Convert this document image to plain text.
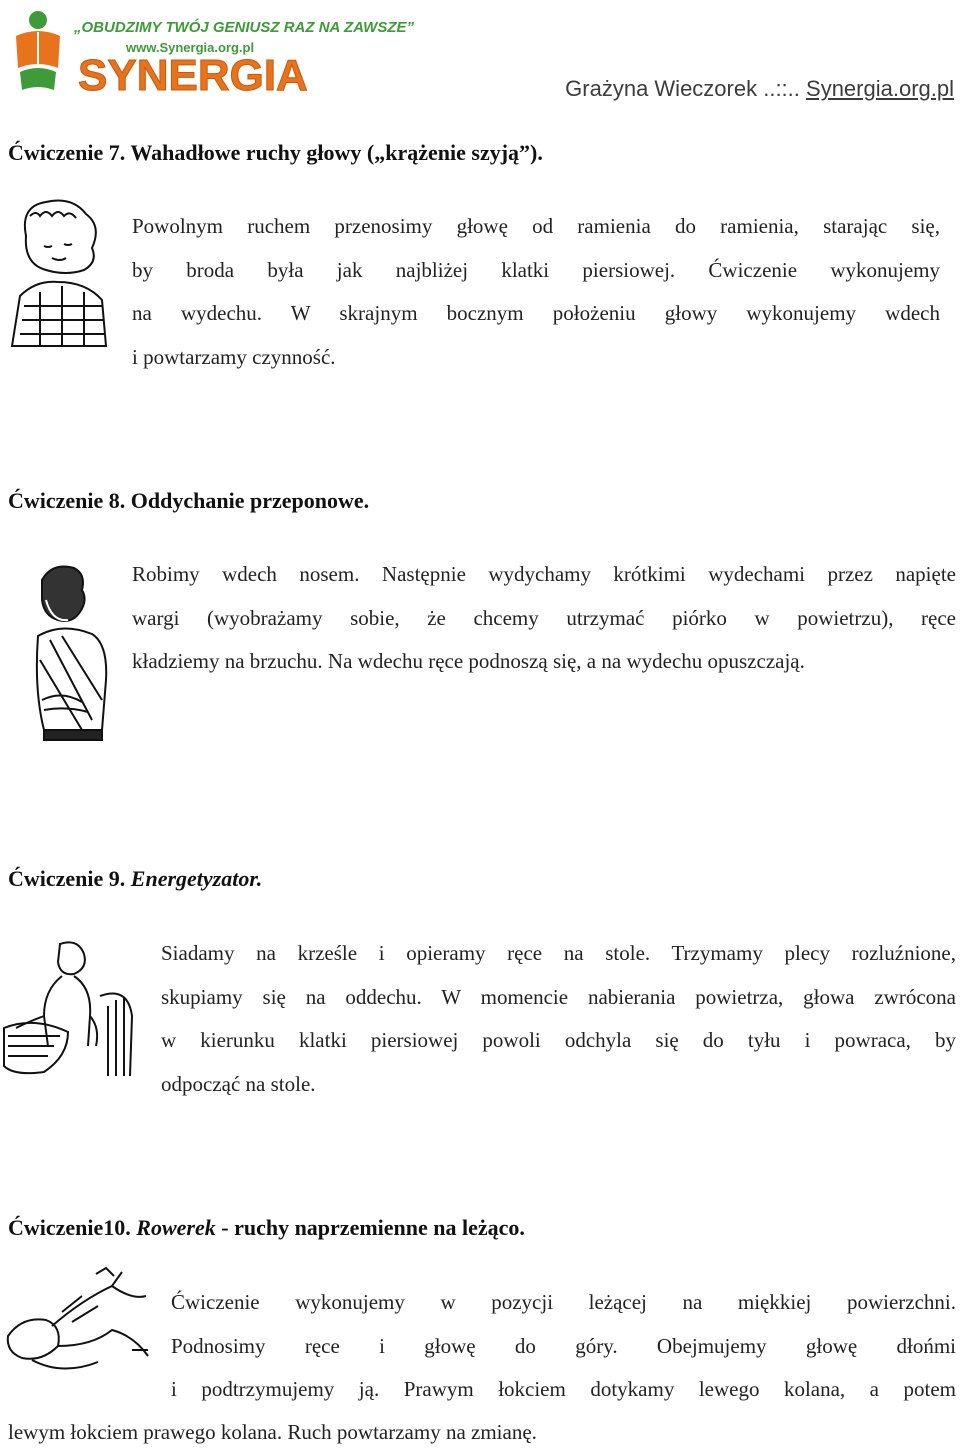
„OBUDZIMY TWÓJ GENIUSZ RAZ NA ZAWSZE”
www.Synergia.org.pl
SYNERGIA	Grażyna Wieczorek ..::.. Synergia.org.pl
Ćwiczenie 7. Wahadłowe ruchy głowy („krążenie szyją”).
Powolnym ruchem przenosimy głowę od ramienia do ramienia, starając się,
by broda była jak najbliżej klatki piersiowej. Ćwiczenie wykonujemy
na wydechu. W skrajnym bocznym położeniu głowy wykonujemy wdech
i powtarzamy czynność.
Ćwiczenie 8. Oddychanie przeponowe.
Robimy wdech nosem. Następnie wydychamy krótkimi wydechami przez napięte
wargi (wyobrażamy sobie, że chcemy utrzymać piórko w powietrzu), ręce
kładziemy na brzuchu. Na wdechu ręce podnoszą się, a na wydechu opuszczają.
Ćwiczenie 9. Energetyzator.
Siadamy na krześle i opieramy ręce na stole. Trzymamy plecy rozluźnione,
skupiamy się na oddechu. W momencie nabierania powietrza, głowa zwrócona
w kierunku klatki piersiowej powoli odchyla się do tyłu i powraca, by
odpocząć na stole.
Ćwiczenie10. Rowerek - ruchy naprzemienne na leżąco.
Ćwiczenie wykonujemy w pozycji leżącej na miękkiej powierzchni.
Podnosimy ręce i głowę do góry. Obejmujemy głowę dłońmi
i podtrzymujemy ją. Prawym łokciem dotykamy lewego kolana, a potem
lewym łokciem prawego kolana. Ruch powtarzamy na zmianę.
